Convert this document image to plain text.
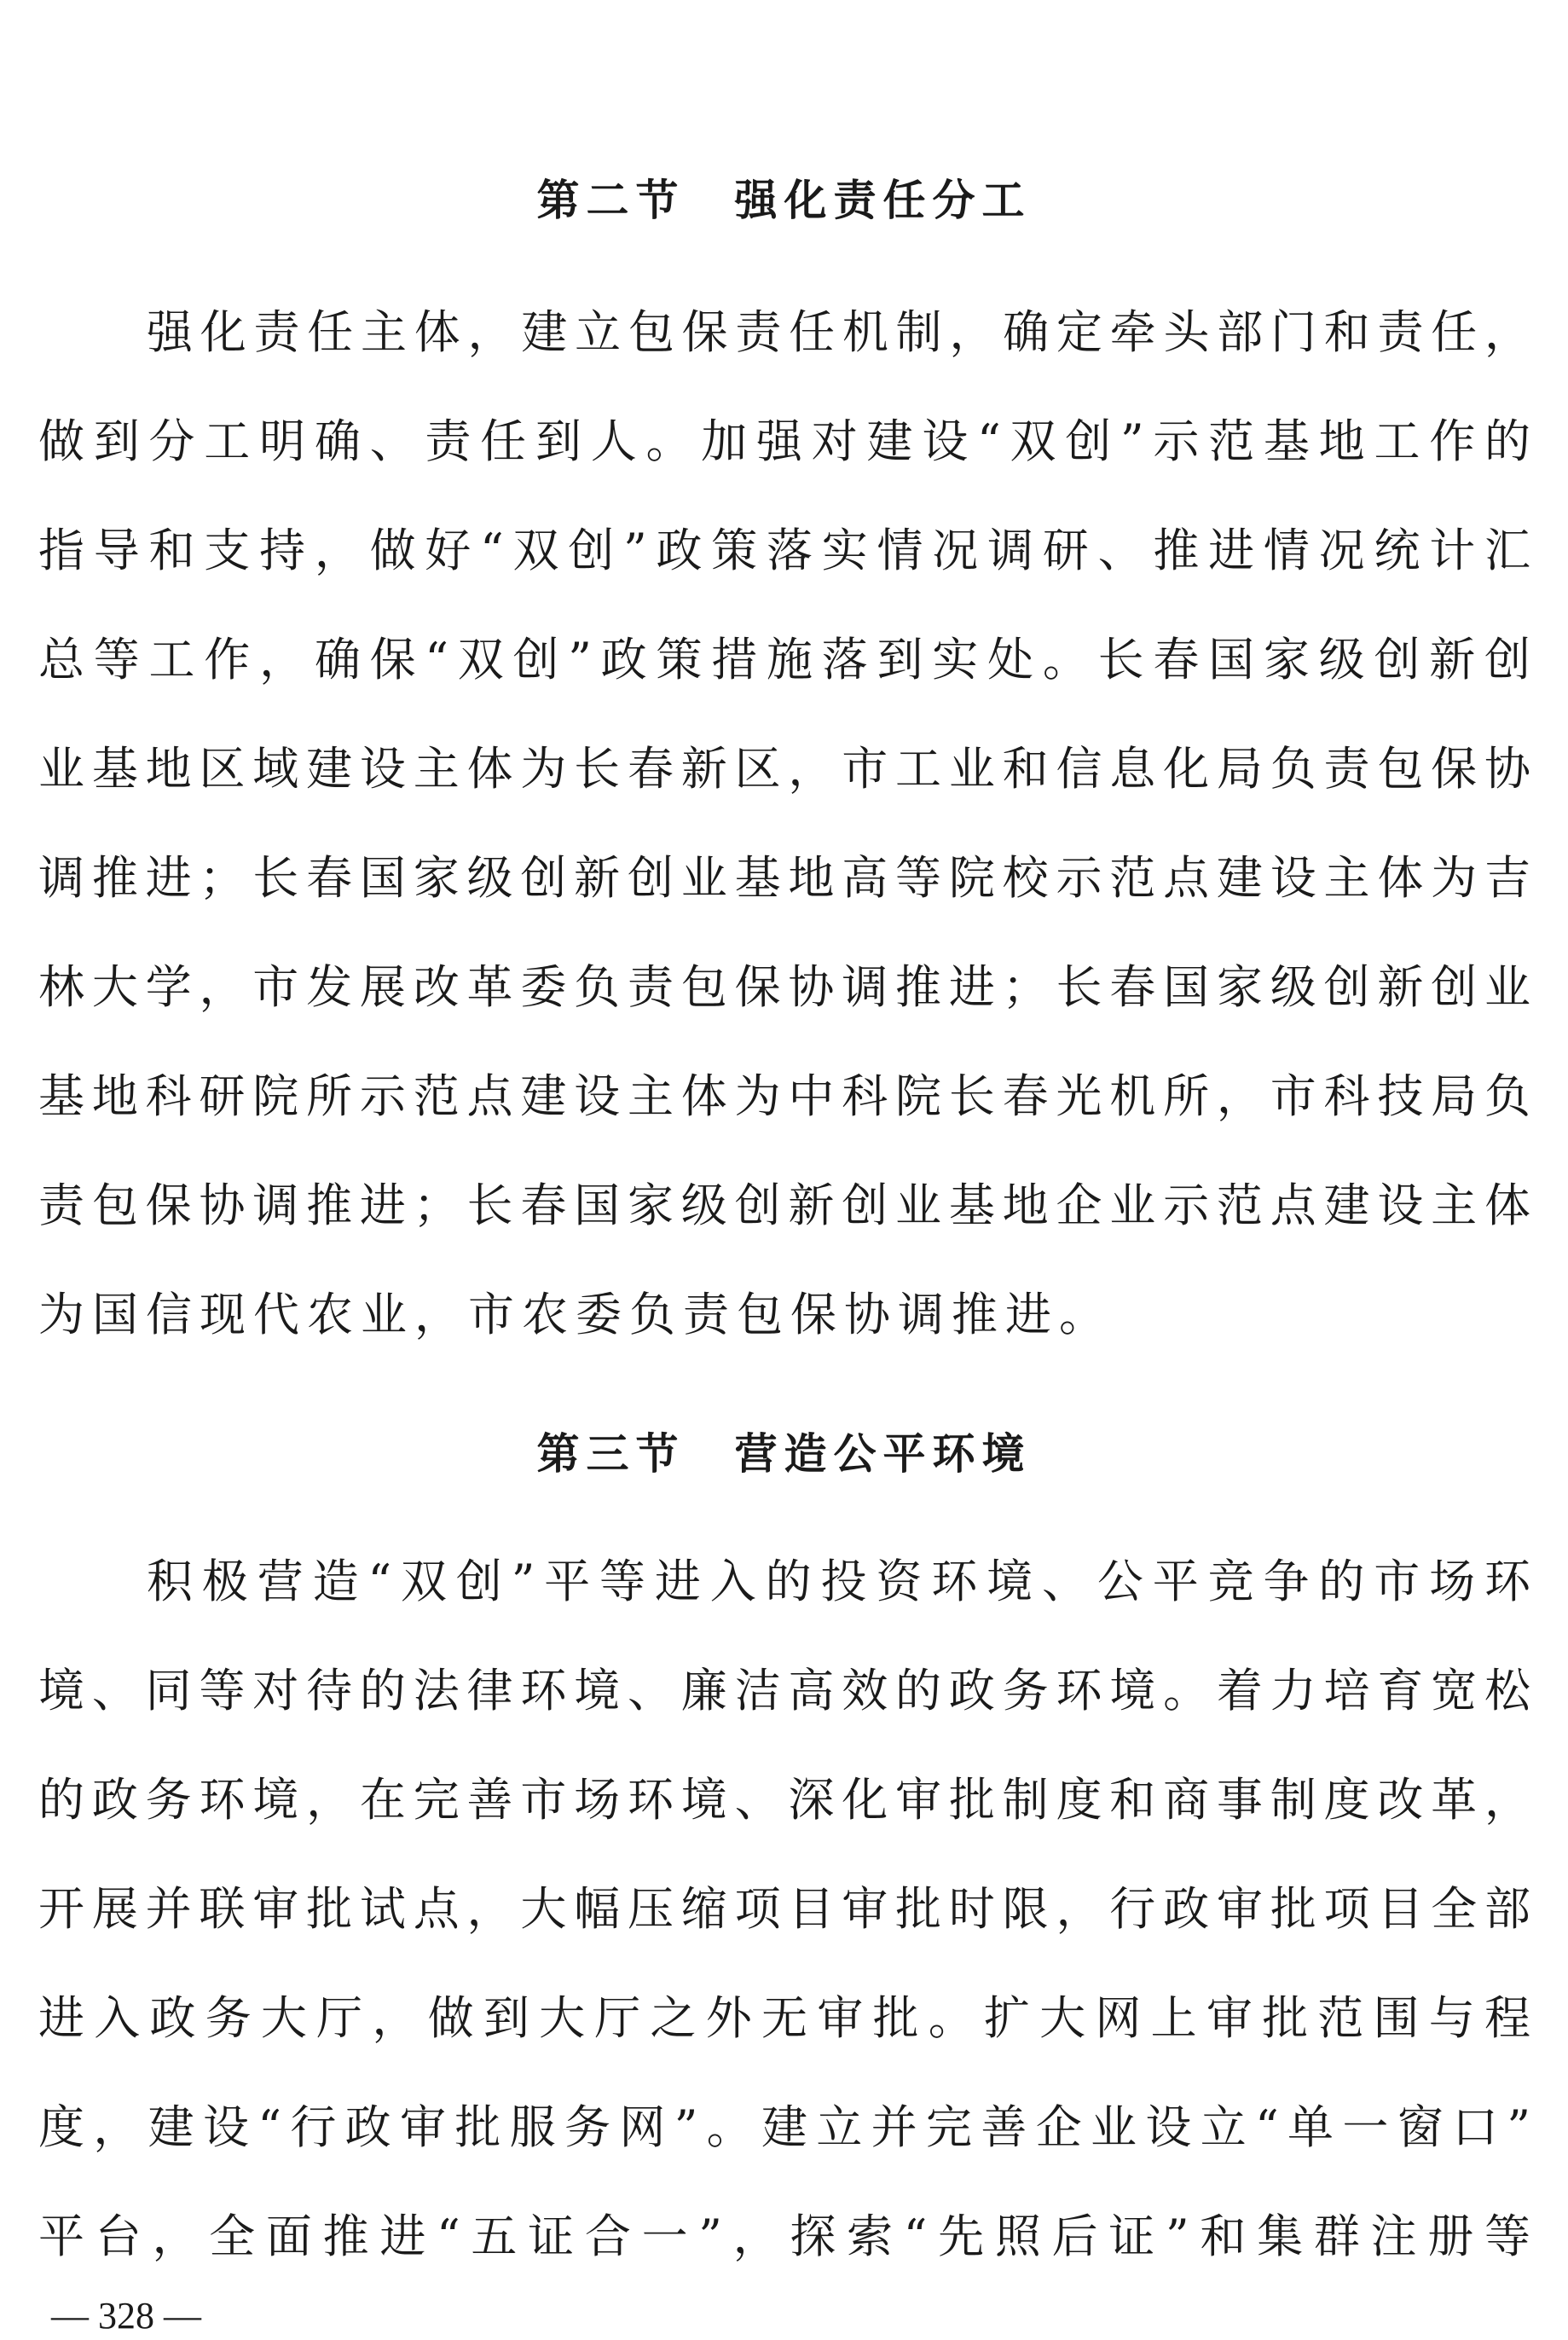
第二节　强化责任分工
强化责任主体，建立包保责任机制，确定牵头部门和责任，
做到分工明确、责任到人。加强对建设“双创”示范基地工作的
指导和支持，做好“双创”政策落实情况调研、推进情况统计汇
总等工作，确保“双创”政策措施落到实处。长春国家级创新创
业基地区域建设主体为长春新区，市工业和信息化局负责包保协
调推进；长春国家级创新创业基地高等院校示范点建设主体为吉
林大学，市发展改革委负责包保协调推进；长春国家级创新创业
基地科研院所示范点建设主体为中科院长春光机所，市科技局负
责包保协调推进；长春国家级创新创业基地企业示范点建设主体
为国信现代农业，市农委负责包保协调推进。
第三节　营造公平环境
积极营造“双创”平等进入的投资环境、公平竞争的市场环
境、同等对待的法律环境、廉洁高效的政务环境。着力培育宽松
的政务环境，在完善市场环境、深化审批制度和商事制度改革，
开展并联审批试点，大幅压缩项目审批时限，行政审批项目全部
进入政务大厅，做到大厅之外无审批。扩大网上审批范围与程
度，建设“行政审批服务网”。建立并完善企业设立“单一窗口”
平台，全面推进“五证合一”，探索“先照后证”和集群注册等
— 328 —
